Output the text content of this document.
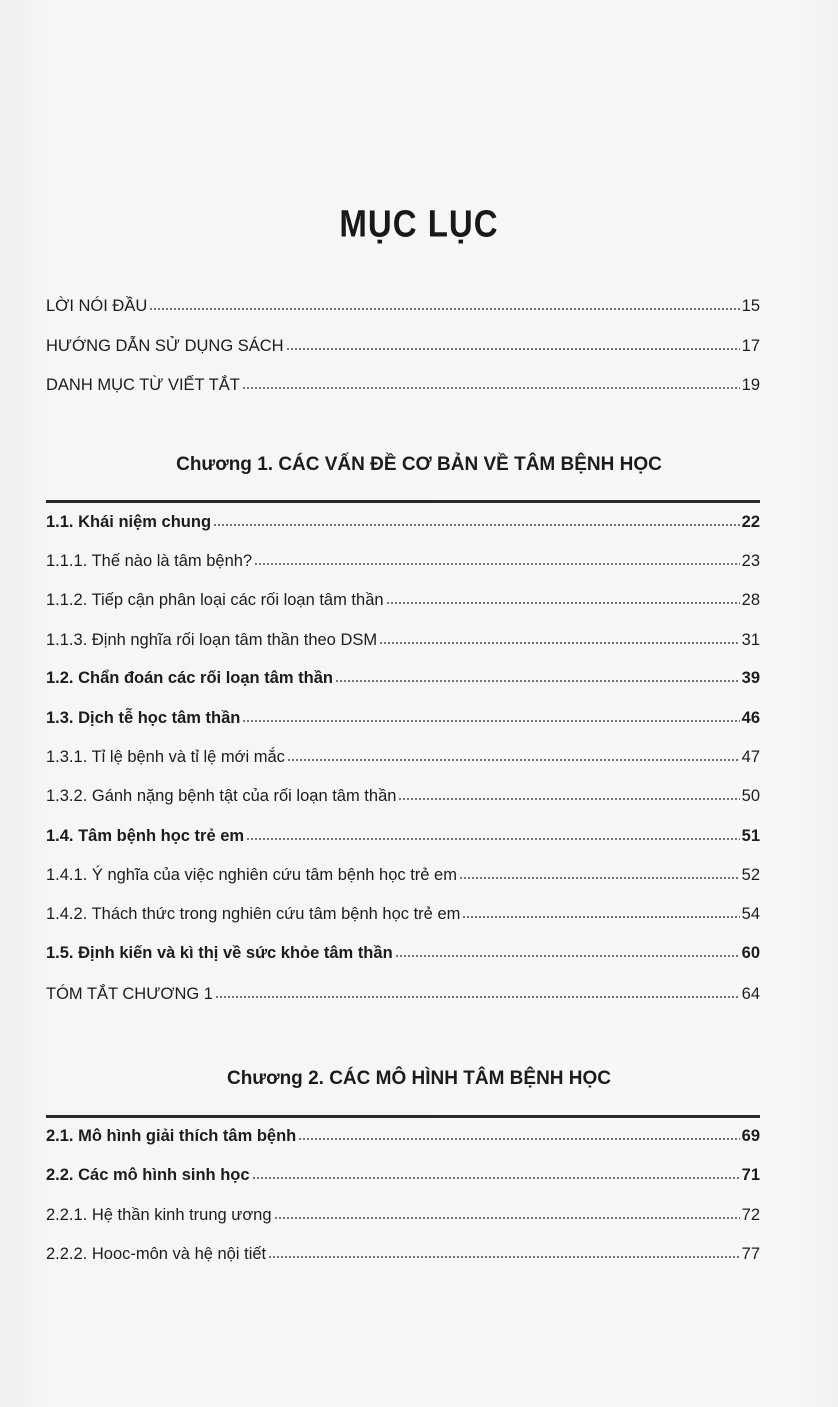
MỤC LỤC
LỜI NÓI ĐẦU	15
HƯỚNG DẪN SỬ DỤNG SÁCH	17
DANH MỤC TỪ VIẾT TẮT	19
Chương 1. CÁC VẤN ĐỀ CƠ BẢN VỀ TÂM BỆNH HỌC
1.1. Khái niệm chung	22
1.1.1. Thế nào là tâm bệnh?	23
1.1.2. Tiếp cận phân loại các rối loạn tâm thần	28
1.1.3. Định nghĩa rối loạn tâm thần theo DSM	31
1.2. Chẩn đoán các rối loạn tâm thần	39
1.3. Dịch tễ học tâm thần	46
1.3.1. Tỉ lệ bệnh và tỉ lệ mới mắc	47
1.3.2. Gánh nặng bệnh tật của rối loạn tâm thần	50
1.4. Tâm bệnh học trẻ em	51
1.4.1. Ý nghĩa của việc nghiên cứu tâm bệnh học trẻ em	52
1.4.2. Thách thức trong nghiên cứu tâm bệnh học trẻ em	54
1.5. Định kiến và kì thị về sức khỏe tâm thần	60
TÓM TẮT CHƯƠNG 1	64
Chương 2. CÁC MÔ HÌNH TÂM BỆNH HỌC
2.1. Mô hình giải thích tâm bệnh	69
2.2. Các mô hình sinh học	71
2.2.1. Hệ thần kinh trung ương	72
2.2.2. Hooc-môn và hệ nội tiết	77
